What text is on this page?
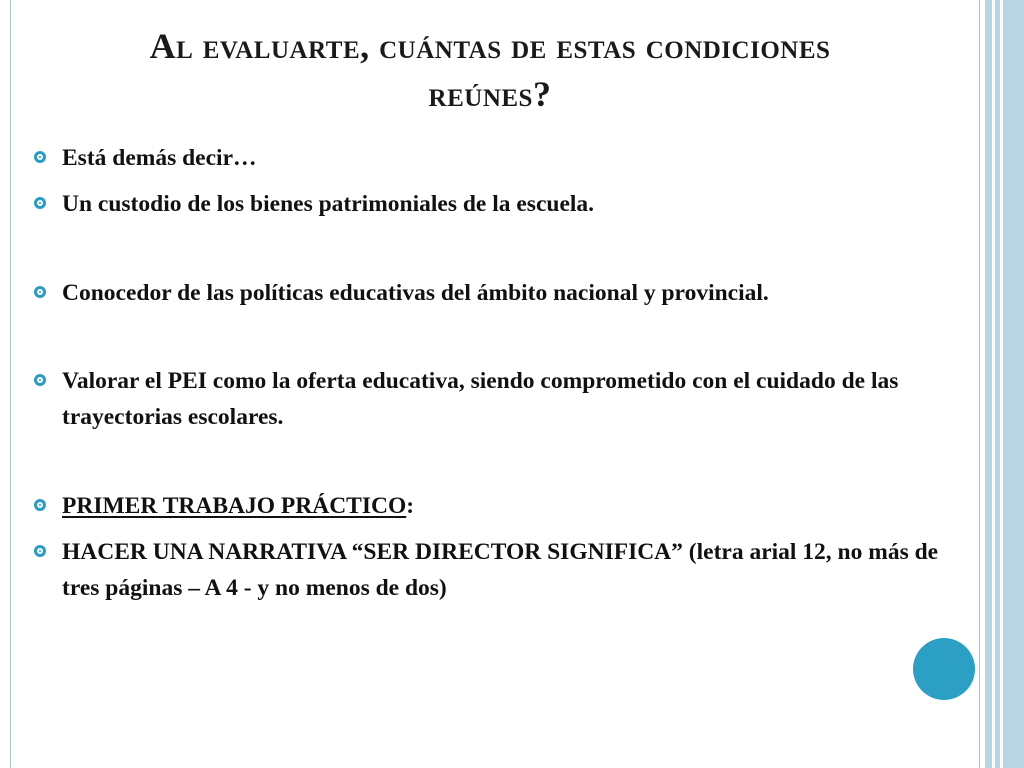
Al evaluarte, cuántas de estas condiciones
reúnes?
Está demás decir…
Un custodio de los bienes patrimoniales de la escuela.
Conocedor de las políticas educativas del ámbito nacional y provincial.
Valorar el PEI como la oferta educativa, siendo comprometido con el cuidado de las trayectorias escolares.
PRIMER TRABAJO PRÁCTICO:
HACER UNA NARRATIVA “SER DIRECTOR SIGNIFICA” (letra arial 12, no más de tres páginas – A 4 - y no menos de dos)
